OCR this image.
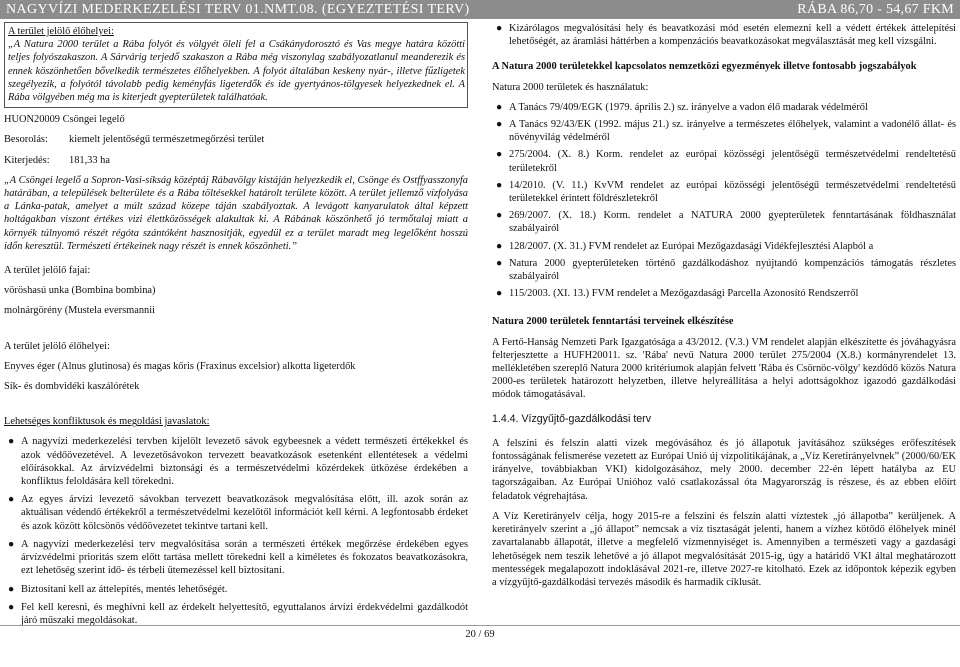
NAGYVÍZI MEDERKEZELÉSI TERV 01.NMT.08. (EGYEZTETÉSI TERV)	RÁBA 86,70 - 54,67 FKM

A terület jelölő élőhelyei:

„A Natura 2000 terület a Rába folyót és völgyét öleli fel a Csákánydorosztó és Vas megye határa közötti teljes folyószakaszon. A Sárvárig terjedő szakaszon a Rába még viszonylag szabályozatlanul meanderezik és ennek köszönhetően bővelkedik természetes élőhelyekben. A folyót általában keskeny nyár-, illetve fűzligetek szegélyezik, a folyótól távolabb pedig keményfás ligeterdők és ide gyertyános-tölgyesek helyezkednek el. A Rába völgyében még ma is kiterjedt gyepterületek találhatóak.

HUON20009 Csöngei legelő

Besorolás:	kiemelt jelentőségű természetmegőrzési terület
Kiterjedés:	181,33 ha

„A Csöngei legelő a Sopron-Vasi-síkság középtáj Rábavölgy kistáján helyezkedik el, Csönge és Ostffyasszonyfa határában, a települések belterülete és a Rába töltésekkel határolt területe között. A terület jellemző vízfolyása a Lánka-patak, amelyet a múlt század közepe táján szabályoztak. A levágott kanyarulatok által képzett holtágakban viszont értékes vizi élettközösségek alakultak ki. A Rábának köszönhető jó termőtalaj miatt a környék túlnyomó részét régóta szántóként hasznosítják, egyedül ez a terület maradt meg legelőként hosszú időn keresztül. Természeti értékeinek nagy részét is ennek köszönheti.”

A terület jelölő fajai:

vöröshasú unka (Bombina bombina)

molnárgörény (Mustela eversmannii

A terület jelölő élőhelyei:

Enyves éger (Alnus glutinosa) és magas kőris (Fraxinus excelsior) alkotta ligeterdők

Sík- és dombvidéki kaszálórétek

Lehetséges konfliktusok és megoldási javaslatok:

● A nagyvízi mederkezelési tervben kijelölt levezető sávok egybeesnek a védett természeti értékekkel és azok védőövezetével. A levezetősávokon tervezett beavatkozások esetenként ellentétesek a védelmi előírásokkal. Az árvízvédelmi biztonsági és a természetvédelmi közérdekek ütközése érdekében a konfliktus feloldására kell törekedni.
● Az egyes árvízi levezető sávokban tervezett beavatkozások megvalósítása előtt, ill. azok során az aktuálisan védendő értékekről a természetvédelmi kezelőtől információt kell kérni. A legfontosabb érdeket és azok között kölcsönös védőövezetet tekintve tartani kell.
● A nagyvízi mederkezelési terv megvalósítása során a természeti értékek megőrzése érdekében egyes árvízvédelmi prioritás szem előtt tartása mellett törekedni kell a kiméletes és fokozatos beavatkozásokra, ezt lehetőség szerint idő- és térbeli ütemezéssel kell biztosítani.
● Biztosítani kell az áttelepítés, mentés lehetőségét.
● Fel kell keresni, és meghívni kell az érdekelt helyettesítő, egyuttalanos árvízi érdekvédelmi gazdálkodót járó műszaki megoldásokat.
● Kizárólagos megvalósítási hely és beavatkozási mód esetén elemezni kell a védett értékek áttelepítési lehetőségét, az áramlási háttérben a kompenzációs beavatkozásokat megválasztását meg kell vizsgálni.

A Natura 2000 területekkel kapcsolatos nemzetközi egyezmények illetve fontosabb jogszabályok

Natura 2000 területek és használatuk:

● A Tanács 79/409/EGK (1979. április 2.) sz. irányelve a vadon élő madarak védelméről
● A Tanács 92/43/EK (1992. május 21.) sz. irányelve a természetes élőhelyek, valamint a vadonélő állat- és növényvilág védelméről
● 275/2004. (X. 8.) Korm. rendelet az európai közösségi jelentőségű természetvédelmi rendeltetésű területekről
● 14/2010. (V. 11.) KvVM rendelet az európai közösségi jelentőségű természetvédelmi rendeltetésű területekkel érintett földrészletekről
● 269/2007. (X. 18.) Korm. rendelet a NATURA 2000 gyepterületek fenntartásának földhasználat szabályairól
● 128/2007. (X. 31.) FVM rendelet az Európai Mezőgazdasági Vidékfejlesztési Alapból a
● Natura 2000 gyepterületeken történő gazdálkodáshoz nyújtandó kompenzációs támogatás részletes szabályairól
● 115/2003. (XI. 13.) FVM rendelet a Mezőgazdasági Parcella Azonosító Rendszerről

Natura 2000 területek fenntartási terveinek elkészítése

A Fertő-Hanság Nemzeti Park Igazgatósága a 43/2012. (V.3.) VM rendelet alapján elkészítette és jóváhagyásra felterjesztette a HUFH20011. sz. 'Rába' nevű Natura 2000 terület 275/2004 (X.8.) kormányrendelet 13. mellékletében szereplő Natura 2000 kritériumok alapján felvett 'Rába és Csörnöc-völgy' kezdődő közös Natura 2000-es területek határozott helyzetben, illetve helyreállítása a helyi adottságokhoz igazodó gazdálkodási módok támogatásával.

1.4.4. Vízgyűjtő-gazdálkodási terv

A felszíni és felszín alatti vizek megóvásához és jó állapotuk javításához szükséges erőfeszítések fontosságának felismerése vezetett az Európai Unió új vízpolitikájának, a „Víz Keretirányelvnek” (2000/60/EK irányelve, továbbiakban VKI) kidolgozásához, mely 2000. december 22-én lépett hatályba az EU tagországaiban. Az Európai Unióhoz való csatlakozással óta Magyarország is részese, és az ebben előírt feladatok végrehajtása.

A Víz Keretirányelv célja, hogy 2015-re a felszíni és felszín alatti víztestek „jó állapotba” kerüljenek. A keretirányelv szerint a „jó állapot” nemcsak a víz tisztaságát jelenti, hanem a vízhez kötődő élőhelyek minél zavartalanabb állapotát, illetve a megfelelő vízmennyiséget is. Amennyiben a természeti vagy a gazdasági lehetőségek nem teszik lehetővé a jó állapot megvalósítását 2015-ig, úgy a határidő VKI által meghatározott mentességek megalapozott indoklásával 2021-re, illetve 2027-re kitolható. Ezek az időpontok képezik egyben a vízgyűjtő-gazdálkodási tervezés második és harmadik ciklusát.

20 / 69
